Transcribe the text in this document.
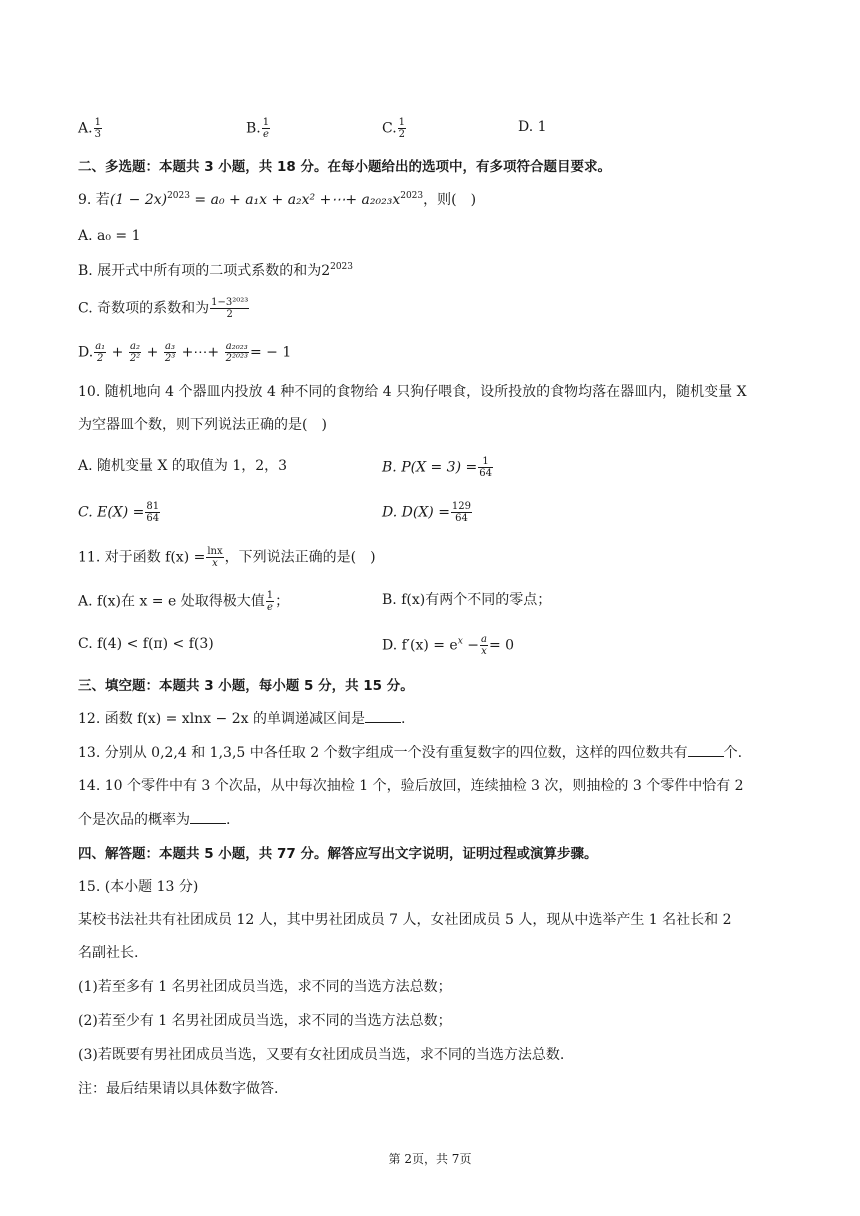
A. $\frac{1}{3}$	B. $\frac{1}{e}$	C. $\frac{1}{2}$	D. 1
二、多选题：本题共 3 小题，共 18 分。在每小题给出的选项中，有多项符合题目要求。
9. 若$(1 - 2x)^{2023} = a_0 + a_1x + a_2x^2$ +⋯+ $a_{2023}x^{2023}$，则(　)
A. a₀ = 1
B. 展开式中所有项的二项式系数的和为$2^{2023}$
C. 奇数项的系数和为 $\frac{\text{1−3²⁰²³}}{2}$
D. $\frac{\text{a₁}}{2} + \frac{\text{a₂}}{\text{2²}} + \frac{\text{a₃}}{\text{2³}}$ +⋯+ $\frac{\text{a₂₀₂₃}}{\text{2²⁰²³}}$ = − 1
10. 随机地向 4 个器皿内投放 4 种不同的食物给 4 只狗仔喂食，设所投放的食物均落在器皿内，随机变量 X
为空器皿个数，则下列说法正确的是(　)
A. 随机变量 X 的取值为 1，2，3	B. $P(X = 3) = \frac{1}{64}$
C. $E(X) = \frac{81}{64}$	D. $D(X) = \frac{129}{64}$
11. 对于函数 $f(x) = \frac{\ln x}{x}$ ，下列说法正确的是(　)
A. f(x)在 x = e 处取得极大值 $\frac{1}{e}$ ；	B. f(x)有两个不同的零点；
C. f(4) < f(π) < f(3)	D. $f'(x) = e^x - \frac{a}{x} = 0$
三、填空题：本题共 3 小题，每小题 5 分，共 15 分。
12. 函数 f(x) = xlnx − 2x 的单调递减区间是	.
13. 分别从 0,2,4 和 1,3,5 中各任取 2 个数字组成一个没有重复数字的四位数，这样的四位数共有	个.
14. 10 个零件中有 3 个次品，从中每次抽检 1 个，验后放回，连续抽检 3 次，则抽检的 3 个零件中恰有 2
个是次品的概率为	.
四、解答题：本题共 5 小题，共 77 分。解答应写出文字说明，证明过程或演算步骤。
15. (本小题 13 分)
某校书法社共有社团成员 12 人，其中男社团成员 7 人，女社团成员 5 人，现从中选举产生 1 名社长和 2
名副社长.
(1)若至多有 1 名男社团成员当选，求不同的当选方法总数；
(2)若至少有 1 名男社团成员当选，求不同的当选方法总数；
(3)若既要有男社团成员当选，又要有女社团成员当选，求不同的当选方法总数.
注：最后结果请以具体数字做答.
第 2页，共 7页
